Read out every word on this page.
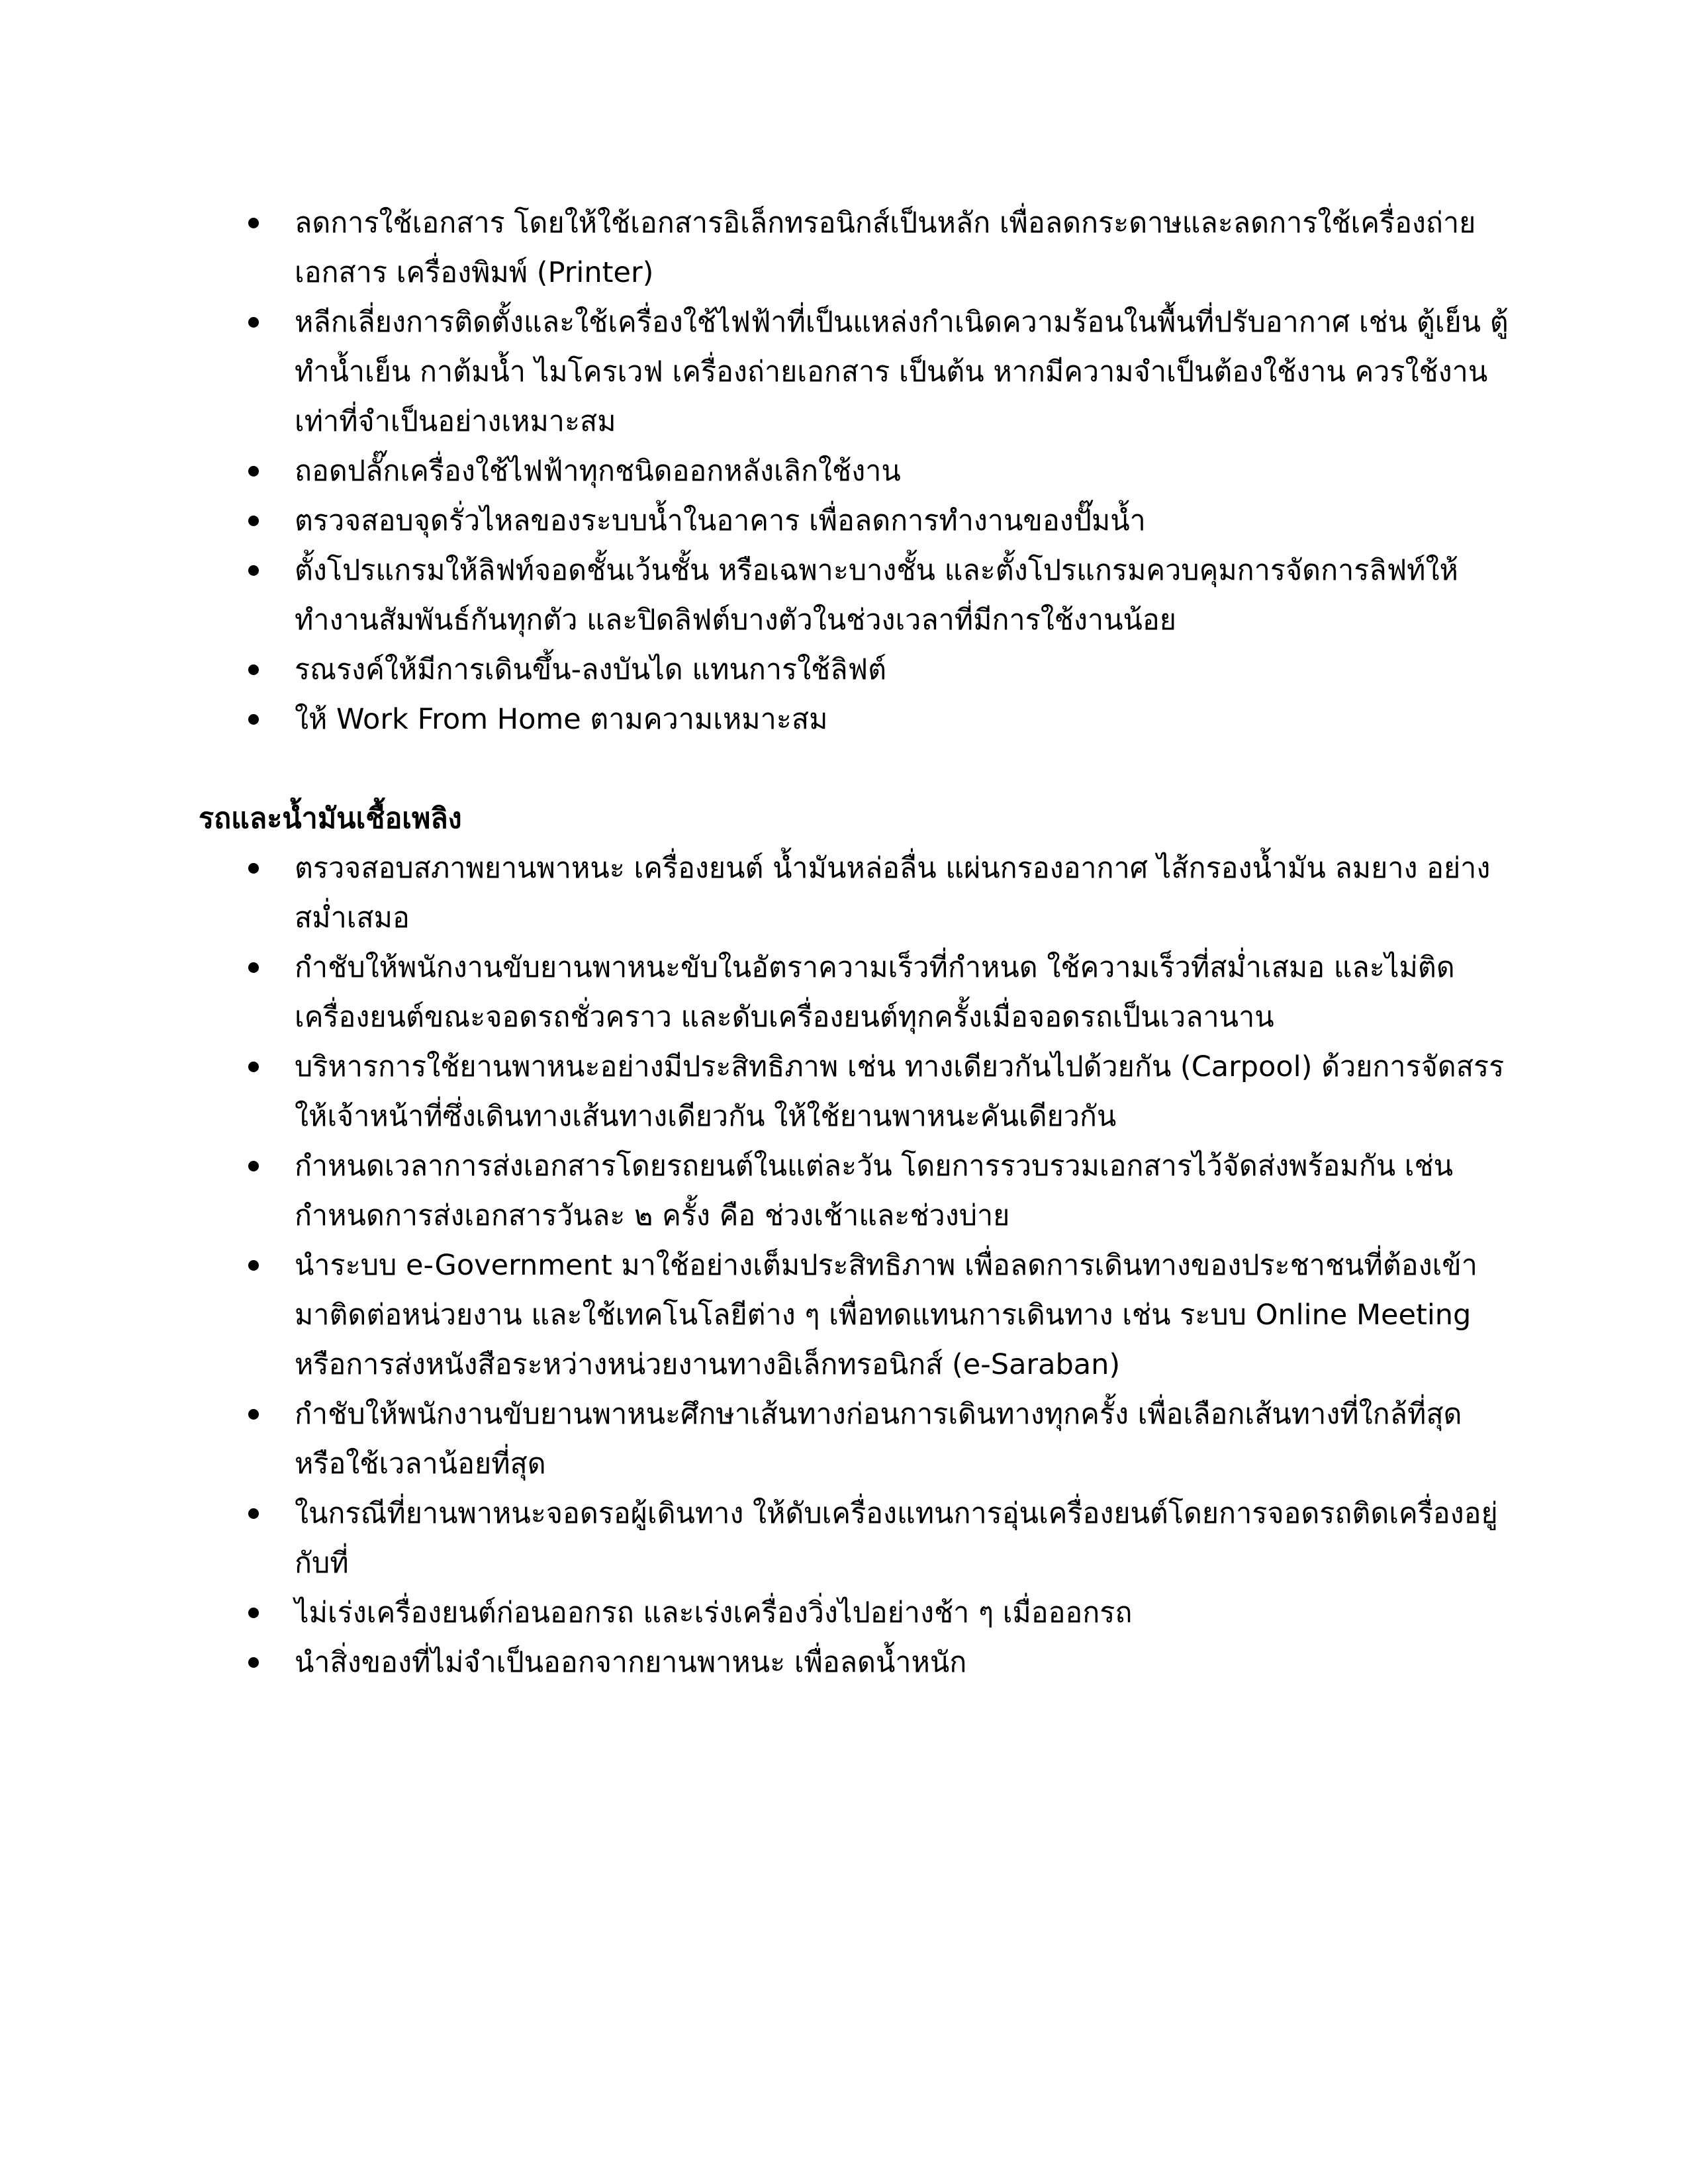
ลดการใช้เอกสาร โดยให้ใช้เอกสารอิเล็กทรอนิกส์เป็นหลัก เพื่อลดกระดาษและลดการใช้เครื่องถ่ายเอกสาร เครื่องพิมพ์ (Printer)
หลีกเลี่ยงการติดตั้งและใช้เครื่องใช้ไฟฟ้าที่เป็นแหล่งกำเนิดความร้อนในพื้นที่ปรับอากาศ เช่น ตู้เย็น ตู้ทำน้ำเย็น กาต้มน้ำ ไมโครเวฟ เครื่องถ่ายเอกสาร เป็นต้น หากมีความจำเป็นต้องใช้งาน ควรใช้งานเท่าที่จำเป็นอย่างเหมาะสม
ถอดปลั๊กเครื่องใช้ไฟฟ้าทุกชนิดออกหลังเลิกใช้งาน
ตรวจสอบจุดรั่วไหลของระบบน้ำในอาคาร เพื่อลดการทำงานของปั๊มน้ำ
ตั้งโปรแกรมให้ลิฟท์จอดชั้นเว้นชั้น หรือเฉพาะบางชั้น และตั้งโปรแกรมควบคุมการจัดการลิฟท์ให้ทำงานสัมพันธ์กันทุกตัว และปิดลิฟต์บางตัวในช่วงเวลาที่มีการใช้งานน้อย
รณรงค์ให้มีการเดินขึ้น-ลงบันได แทนการใช้ลิฟต์
ให้ Work From Home ตามความเหมาะสม
รถและน้ำมันเชื้อเพลิง
ตรวจสอบสภาพยานพาหนะ เครื่องยนต์ น้ำมันหล่อลื่น แผ่นกรองอากาศ ไส้กรองน้ำมัน ลมยาง อย่างสม่ำเสมอ
กำชับให้พนักงานขับยานพาหนะขับในอัตราความเร็วที่กำหนด ใช้ความเร็วที่สม่ำเสมอ และไม่ติดเครื่องยนต์ขณะจอดรถชั่วคราว และดับเครื่องยนต์ทุกครั้งเมื่อจอดรถเป็นเวลานาน
บริหารการใช้ยานพาหนะอย่างมีประสิทธิภาพ เช่น ทางเดียวกันไปด้วยกัน (Carpool) ด้วยการจัดสรรให้เจ้าหน้าที่ซึ่งเดินทางเส้นทางเดียวกัน ให้ใช้ยานพาหนะคันเดียวกัน
กำหนดเวลาการส่งเอกสารโดยรถยนต์ในแต่ละวัน โดยการรวบรวมเอกสารไว้จัดส่งพร้อมกัน เช่น กำหนดการส่งเอกสารวันละ ๒ ครั้ง คือ ช่วงเช้าและช่วงบ่าย
นำระบบ e-Government มาใช้อย่างเต็มประสิทธิภาพ เพื่อลดการเดินทางของประชาชนที่ต้องเข้ามาติดต่อหน่วยงาน และใช้เทคโนโลยีต่าง ๆ เพื่อทดแทนการเดินทาง เช่น ระบบ Online Meeting หรือการส่งหนังสือระหว่างหน่วยงานทางอิเล็กทรอนิกส์ (e-Saraban)
กำชับให้พนักงานขับยานพาหนะศึกษาเส้นทางก่อนการเดินทางทุกครั้ง เพื่อเลือกเส้นทางที่ใกล้ที่สุดหรือใช้เวลาน้อยที่สุด
ในกรณีที่ยานพาหนะจอดรอผู้เดินทาง ให้ดับเครื่องแทนการอุ่นเครื่องยนต์โดยการจอดรถติดเครื่องอยู่กับที่
ไม่เร่งเครื่องยนต์ก่อนออกรถ และเร่งเครื่องวิ่งไปอย่างช้า ๆ เมื่อออกรถ
นำสิ่งของที่ไม่จำเป็นออกจากยานพาหนะ เพื่อลดน้ำหนัก
